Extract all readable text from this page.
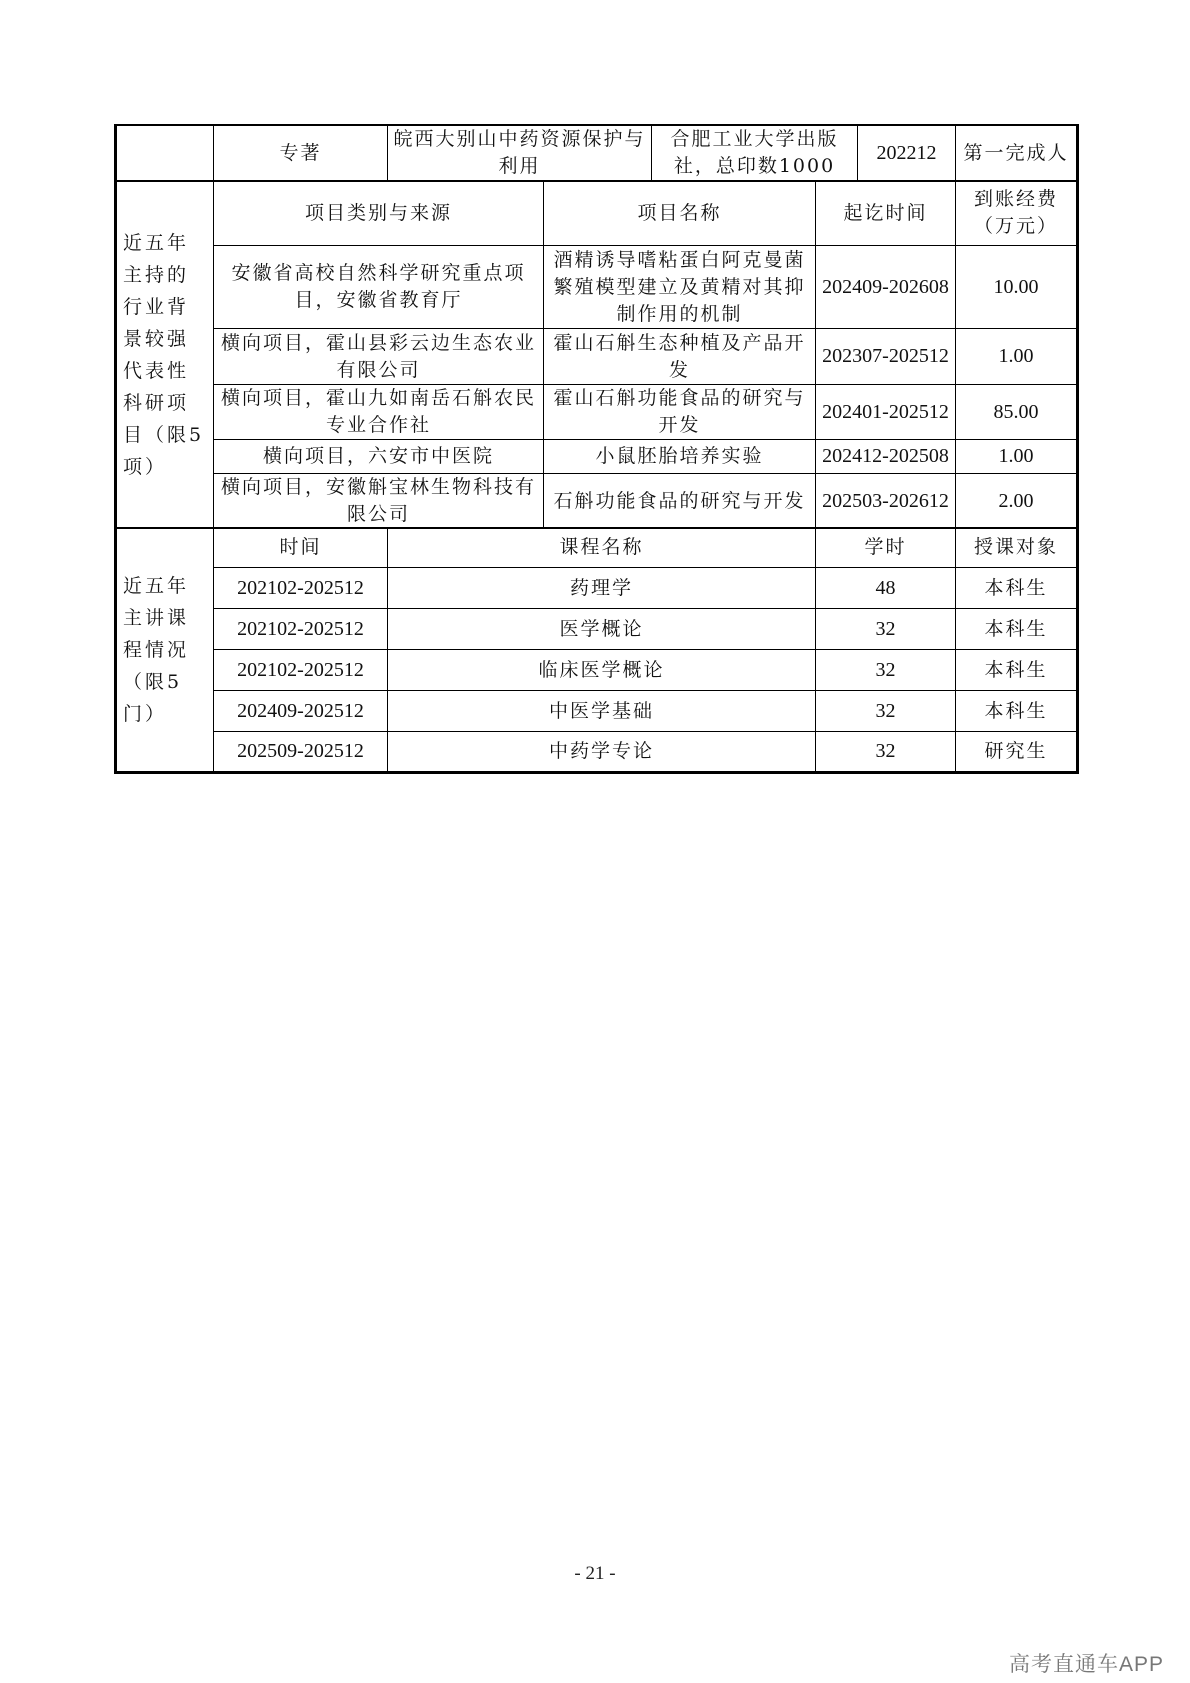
	专著	皖西大别山中药资源保护与利用	合肥工业大学出版社，总印数1000	202212	第一完成人
近五年主持的行业背景较强代表性科研项目（限5项）	项目类别与来源	项目名称	起讫时间	到账经费（万元）
	安徽省高校自然科学研究重点项目，安徽省教育厅	酒精诱导嗜粘蛋白阿克曼菌繁殖模型建立及黄精对其抑制作用的机制	202409-202608	10.00
	横向项目，霍山县彩云边生态农业有限公司	霍山石斛生态种植及产品开发	202307-202512	1.00
	横向项目，霍山九如南岳石斛农民专业合作社	霍山石斛功能食品的研究与开发	202401-202512	85.00
	横向项目，六安市中医院	小鼠胚胎培养实验	202412-202508	1.00
	横向项目，安徽斛宝林生物科技有限公司	石斛功能食品的研究与开发	202503-202612	2.00
近五年主讲课程情况（限5门）	时间	课程名称	学时	授课对象
	202102-202512	药理学	48	本科生
	202102-202512	医学概论	32	本科生
	202102-202512	临床医学概论	32	本科生
	202409-202512	中医学基础	32	本科生
	202509-202512	中药学专论	32	研究生
- 21 -
高考直通车APP
